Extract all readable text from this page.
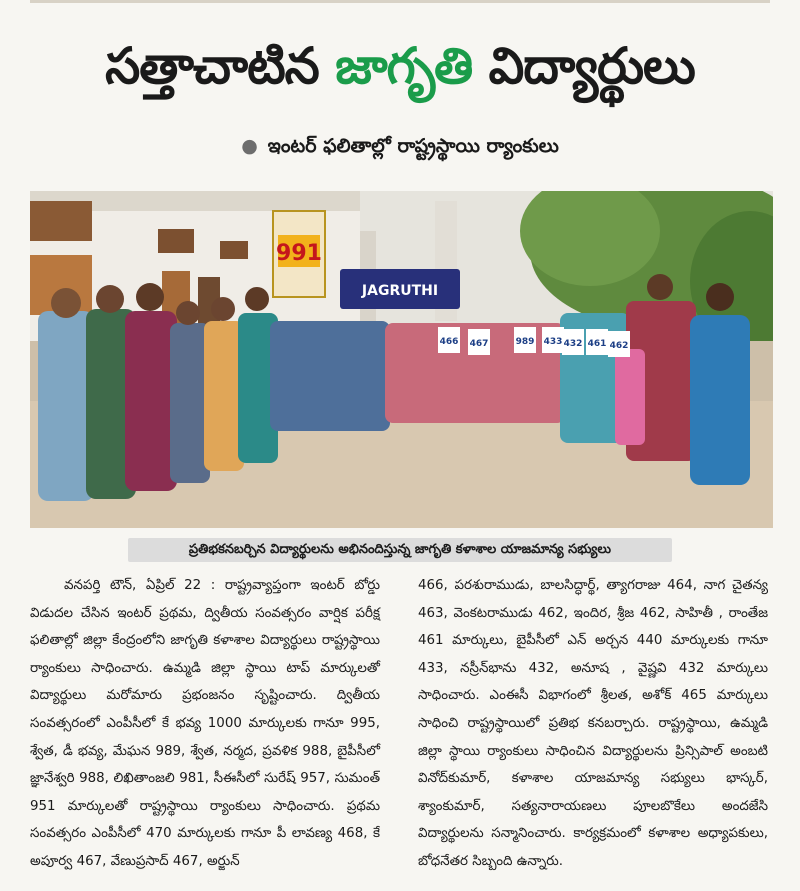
సత్తాచాటిన జాగృతి విద్యార్థులు
● ఇంటర్ ఫలితాల్లో రాష్ట్రస్థాయి ర్యాంకులు
991
JAGRUTHI
466 467	989 433 432 461 462
ప్రతిభకనబర్చిన విద్యార్థులను అభినందిస్తున్న జాగృతి కళాశాల యాజమాన్య సభ్యులు

వనపర్తి టౌన్, ఏప్రిల్ 22 : రాష్ట్రవ్యాప్తంగా ఇంటర్ బోర్డు విడుదల చేసిన ఇంటర్ ప్రథమ, ద్వితీయ సంవత్సరం వార్షిక పరీక్ష ఫలితాల్లో జిల్లా కేంద్రంలోని జాగృతి కళాశాల విద్యార్థులు రాష్ట్రస్థాయి ర్యాంకులు సాధించారు. ఉమ్మడి జిల్లా స్థాయి టాప్ మార్కులతో విద్యార్థులు మరోమారు ప్రభంజనం సృష్టించారు. ద్వితీయ సంవత్సరంలో ఎంపీసీలో కే భవ్య 1000 మార్కులకు గానూ 995, శ్వేత, డీ భవ్య, మేఘన 989, శ్వేత, నర్మద, ప్రవళిక 988, బైపీసీలో జ్ఞానేశ్వరి 988, లిఖితాంజలి 981, సీఈసీలో సురేష్ 957, సుమంత్ 951 మార్కులతో రాష్ట్రస్థాయి ర్యాంకులు సాధించారు. ప్రథమ సంవత్సరం ఎంపీసీలో 470 మార్కులకు గానూ పీ లావణ్య 468, కే అపూర్వ 467, వేణుప్రసాద్ 467, అర్జున్

466, పరశురాముడు, బాలసిద్ధార్థ్, త్యాగరాజు 464, నాగ చైతన్య 463, వెంకటరాముడు 462, ఇందిర, శ్రీజ 462, సాహితీ , రాంతేజ 461 మార్కులు, బైపీసీలో ఎన్ అర్చన 440 మార్కులకు గానూ 433, నస్రీన్‌భాను 432, అనూష , వైష్ణవి 432 మార్కులు సాధించారు. ఎంఈసీ విభాగంలో శ్రీలత, అశోక్ 465 మార్కులు సాధించి రాష్ట్రస్థాయిలో ప్రతిభ కనబర్చారు. రాష్ట్రస్థాయి, ఉమ్మడి జిల్లా స్థాయి ర్యాంకులు సాధించిన విద్యార్థులను ప్రిన్సిపాల్ అంబటి వినోద్‌కుమార్, కళాశాల యాజమాన్య సభ్యులు భాస్కర్, శ్యాంకుమార్, సత్యనారాయణలు పూలబొకేలు అందజేసి విద్యార్థులను సన్మానించారు. కార్యక్రమంలో కళాశాల అధ్యాపకులు, బోధనేతర సిబ్బంది ఉన్నారు.
